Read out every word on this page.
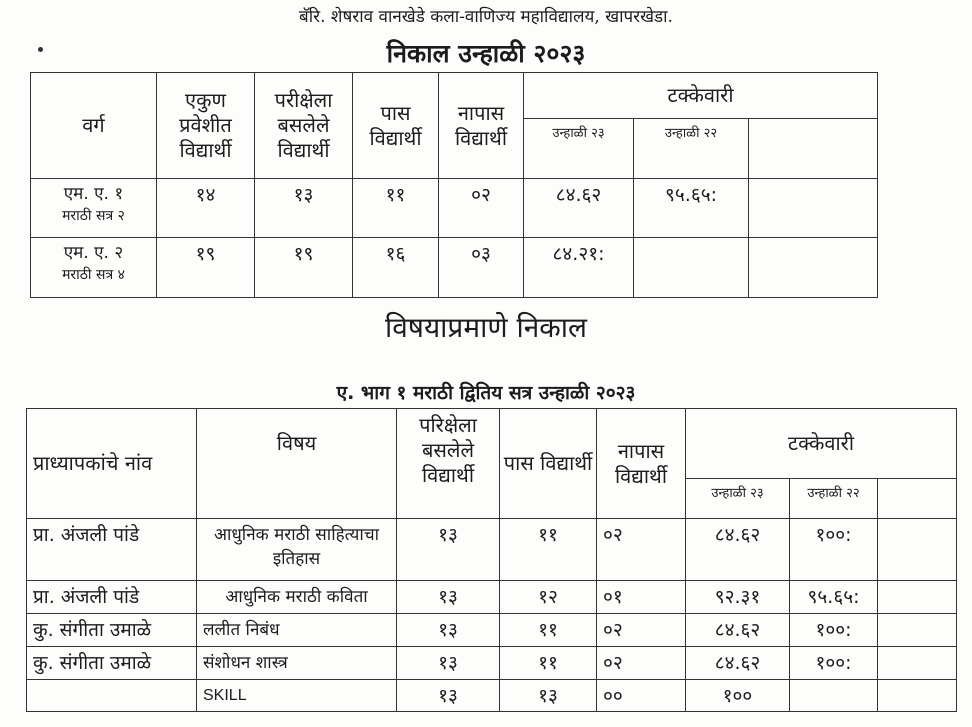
बॅरि. शेषराव वानखेडे कला-वाणिज्य महाविद्यालय, खापरखेडा.
निकाल उन्हाळी २०२३
वर्ग	एकुण प्रवेशीत विद्यार्थी	परीक्षेला बसलेले विद्यार्थी	पास विद्यार्थी	नापास विद्यार्थी	टक्केवारी		
					उन्हाळी २३	उन्हाळी २२	

एम. ए. १
मराठी सत्र २	१४	१३	११	०२	८४.६२	९५.६५:	

एम. ए. २
मराठी सत्र ४	१९	१९	१६	०३	८४.२१:		
विषयाप्रमाणे निकाल
ए. भाग १ मराठी द्वितिय सत्र उन्हाळी २०२३
प्राध्यापकांचे नांव	विषय	परिक्षेला बसलेले विद्यार्थी	पास विद्यार्थी	नापास विद्यार्थी	टक्केवारी		
					उन्हाळी २३	उन्हाळी २२	
प्रा. अंजली पांडे	आधुनिक मराठी साहित्याचा इतिहास	१३	११	०२	८४.६२	१००:	
प्रा. अंजली पांडे	आधुनिक मराठी कविता	१३	१२	०१	९२.३१	९५.६५:	
कु. संगीता उमाळे	ललीत निबंध	१३	११	०२	८४.६२	१००:	
कु. संगीता उमाळे	संशोधन शास्त्र	१३	११	०२	८४.६२	१००:	
	SKILL	१३	१३	००	१००		
